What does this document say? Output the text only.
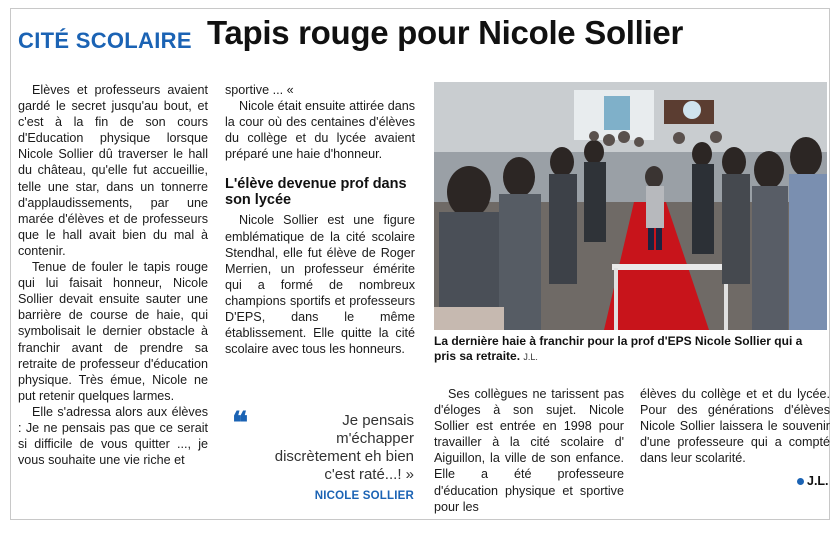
CITÉ SCOLAIRE Tapis rouge pour Nicole Sollier

Elèves et professeurs avaient gardé le secret jusqu'au bout, et c'est à la fin de son cours d'Education physique lorsque Nicole Sollier dû traverser le hall du château, qu'elle fut accueillie, telle une star, dans un tonnerre d'applaudissements, par une marée d'élèves et de professeurs que le hall avait bien du mal à contenir.

Tenue de fouler le tapis rouge qui lui faisait honneur, Nicole Sollier devait ensuite sauter une barrière de course de haie, qui symbolisait le dernier obstacle à franchir avant de prendre sa retraite de professeur d'éducation physique. Très émue, Nicole ne put retenir quelques larmes.

Elle s'adressa alors aux élèves : Je ne pensais pas que ce serait si difficile de vous quitter ..., je vous souhaite une vie riche et

sportive ... «

Nicole était ensuite attirée dans la cour où des centaines d'élèves du collège et du lycée avaient préparé une haie d'honneur.

L'élève devenue prof dans son lycée

Nicole Sollier est une figure emblématique de la cité scolaire Stendhal, elle fut élève de Roger Merrien, un professeur émérite qui a formé de nombreux champions sportifs et professeurs D'EPS, dans le même établissement. Elle quitte la cité scolaire avec tous les honneurs.

❝	Je pensais m'échapper discrètement eh bien c'est raté...! »
NICOLE SOLLIER
La dernière haie à franchir pour la prof d'EPS Nicole Sollier qui a pris sa retraite. J.L.

Ses collègues ne tarissent pas d'éloges à son sujet. Nicole Sollier est entrée en 1998 pour travailler à la cité scolaire d' Aiguillon, la ville de son enfance. Elle a été professeure d'éducation physique et sportive pour les

élèves du collège et et du lycée. Pour des générations d'élèves Nicole Sollier laissera le souvenir d'une professeure qui a compté dans leur scolarité.

J.L.
